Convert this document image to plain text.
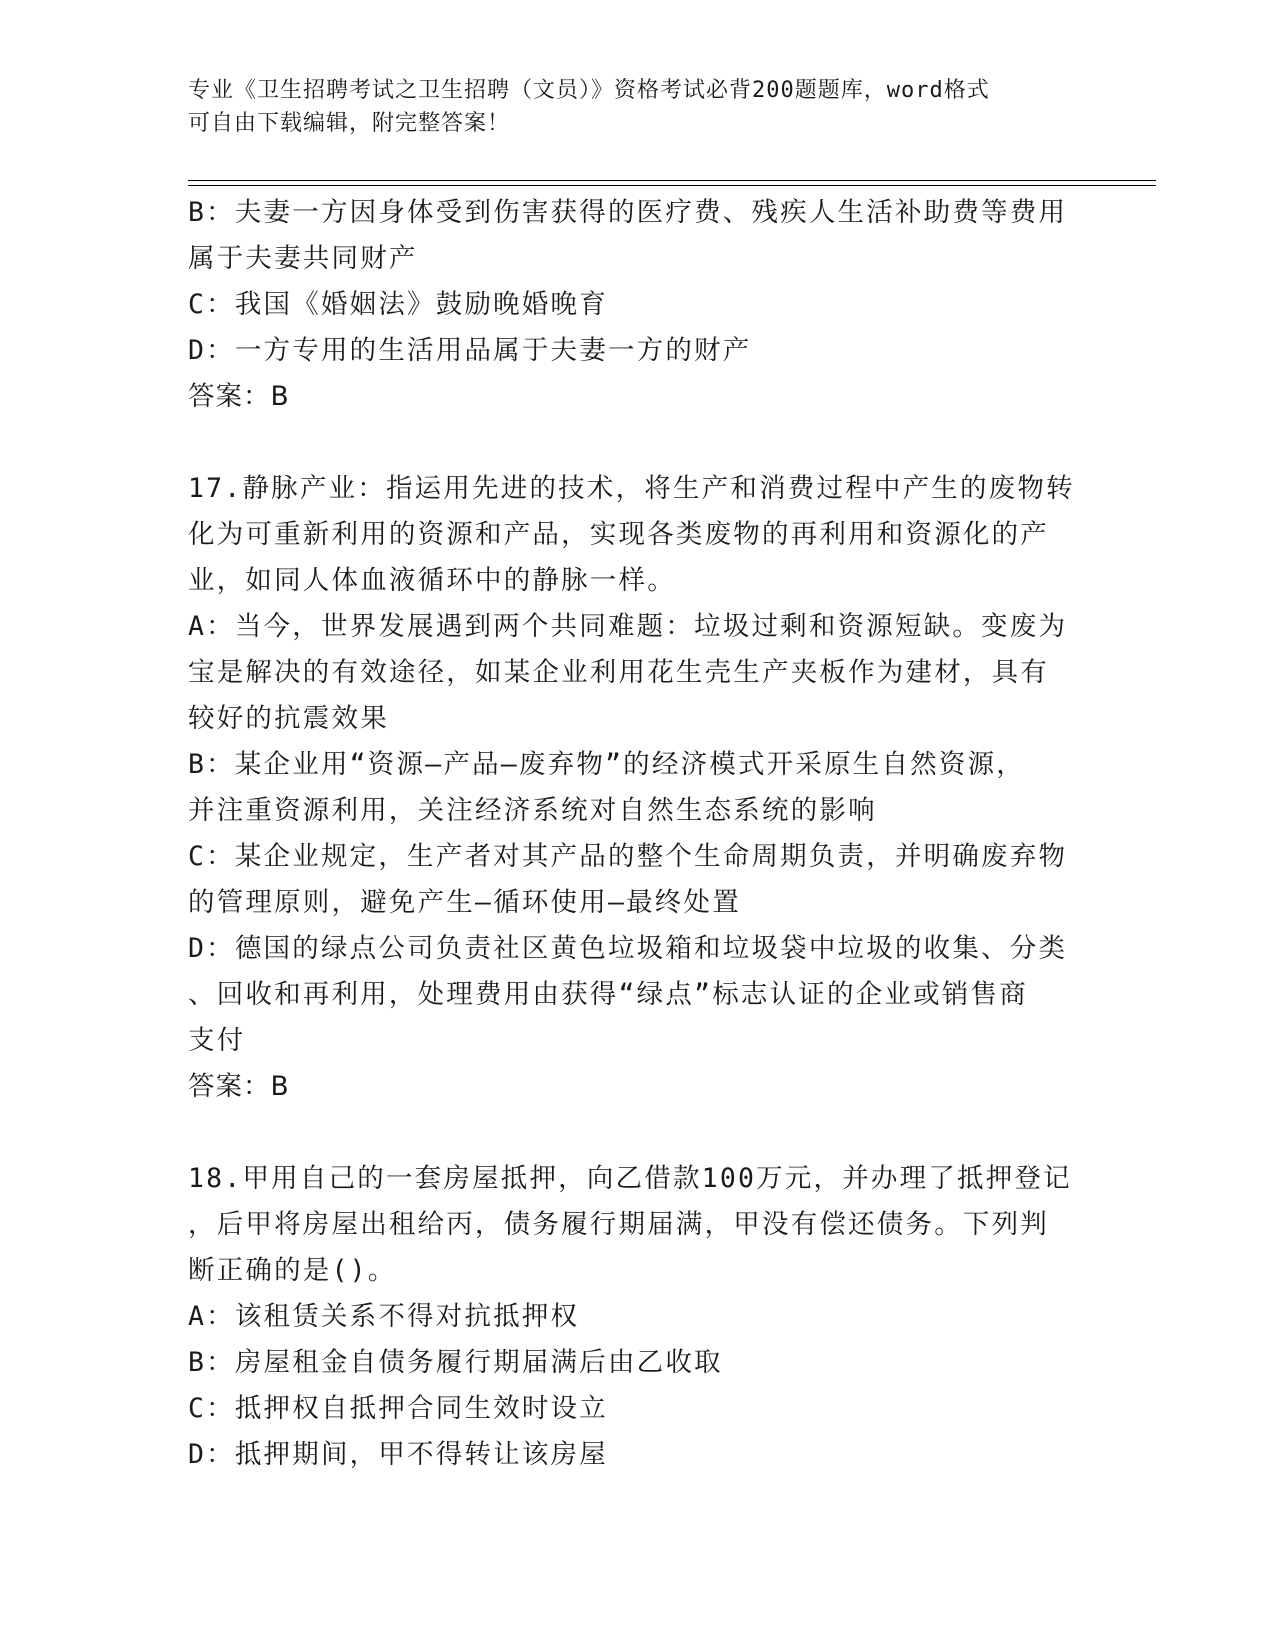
专业《卫生招聘考试之卫生招聘（文员）》资格考试必背200题题库，word格式
可自由下载编辑，附完整答案！

B：夫妻一方因身体受到伤害获得的医疗费、残疾人生活补助费等费用

属于夫妻共同财产

C：我国《婚姻法》鼓励晚婚晚育

D：一方专用的生活用品属于夫妻一方的财产

答案：B

17.静脉产业：指运用先进的技术，将生产和消费过程中产生的废物转

化为可重新利用的资源和产品，实现各类废物的再利用和资源化的产

业，如同人体血液循环中的静脉一样。

A：当今，世界发展遇到两个共同难题：垃圾过剩和资源短缺。变废为

宝是解决的有效途径，如某企业利用花生壳生产夹板作为建材，具有

较好的抗震效果

B：某企业用“资源—产品—废弃物”的经济模式开采原生自然资源，

并注重资源利用，关注经济系统对自然生态系统的影响

C：某企业规定，生产者对其产品的整个生命周期负责，并明确废弃物

的管理原则，避免产生—循环使用—最终处置

D：德国的绿点公司负责社区黄色垃圾箱和垃圾袋中垃圾的收集、分类

、回收和再利用，处理费用由获得“绿点”标志认证的企业或销售商

支付

答案：B

18.甲用自己的一套房屋抵押，向乙借款100万元，并办理了抵押登记

，后甲将房屋出租给丙，债务履行期届满，甲没有偿还债务。下列判

断正确的是()。

A：该租赁关系不得对抗抵押权

B：房屋租金自债务履行期届满后由乙收取

C：抵押权自抵押合同生效时设立

D：抵押期间，甲不得转让该房屋
